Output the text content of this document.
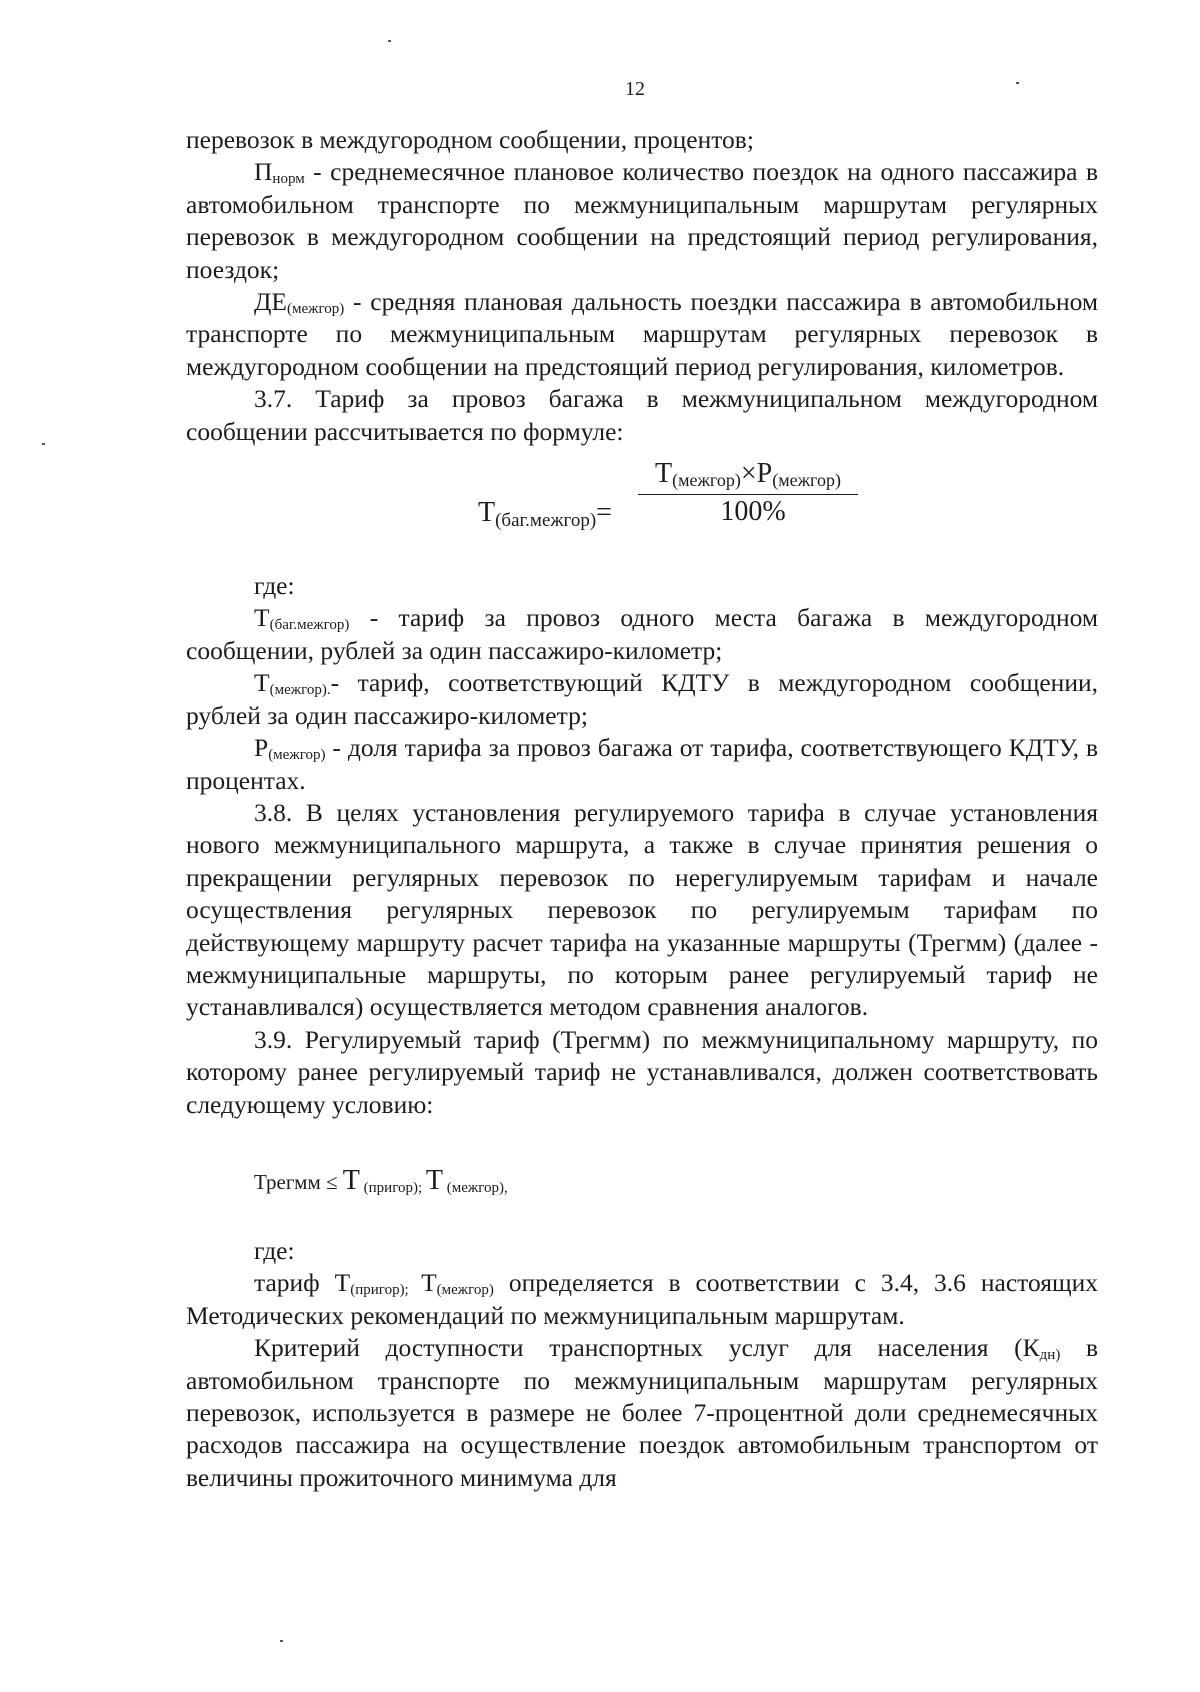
12

перевозок в междугородном сообщении, процентов;

$П_{норм}$ - среднемесячное плановое количество поездок на одного пассажира в автомобильном транспорте по межмуниципальным маршрутам регулярных перевозок в междугородном сообщении на предстоящий период регулирования, поездок;

$ДЕ_{(межгор)}$ - средняя плановая дальность поездки пассажира в автомобильном транспорте по межмуниципальным маршрутам регулярных перевозок в междугородном сообщении на предстоящий период регулирования, километров.

3.7. Тариф за провоз багажа в межмуниципальном междугородном сообщении рассчитывается по формуле:

$Т_{(баг.межгор)}=$
$Т_{(межгор)}\times Р_{(межгор)}$
100%

где:

$Т_{(баг.межгор)}$ - тариф за провоз одного места багажа в междугородном сообщении, рублей за один пассажиро-километр;

$Т_{(межгор).}-$ тариф, соответствующий КДТУ в междугородном сообщении, рублей за один пассажиро-километр;

$Р_{(межгор)}$ - доля тарифа за провоз багажа от тарифа, соответствующего КДТУ, в процентах.

3.8. В целях установления регулируемого тарифа в случае установления нового межмуниципального маршрута, а также в случае принятия решения о прекращении регулярных перевозок по нерегулируемым тарифам и начале осуществления регулярных перевозок по регулируемым тарифам по действующему маршруту расчет тарифа на указанные маршруты (Трегмм) (далее - межмуниципальные маршруты, по которым ранее регулируемый тариф не устанавливался) осуществляется методом сравнения аналогов.

3.9. Регулируемый тариф (Трегмм) по межмуниципальному маршруту, по которому ранее регулируемый тариф не устанавливался, должен соответствовать следующему условию:

Трегмм ≤ Т $_{(пригор);}$ Т $_{(межгор),}$

где:

тариф $Т_{(пригор);}$ $Т_{(межгор)}$ определяется в соответствии с 3.4, 3.6 настоящих Методических рекомендаций по межмуниципальным маршрутам.

Критерий доступности транспортных услуг для населения ($К_{дн)}$ в автомобильном транспорте по межмуниципальным маршрутам регулярных перевозок, используется в размере не более 7-процентной доли среднемесячных расходов пассажира на осуществление поездок автомобильным транспортом от величины прожиточного минимума для
